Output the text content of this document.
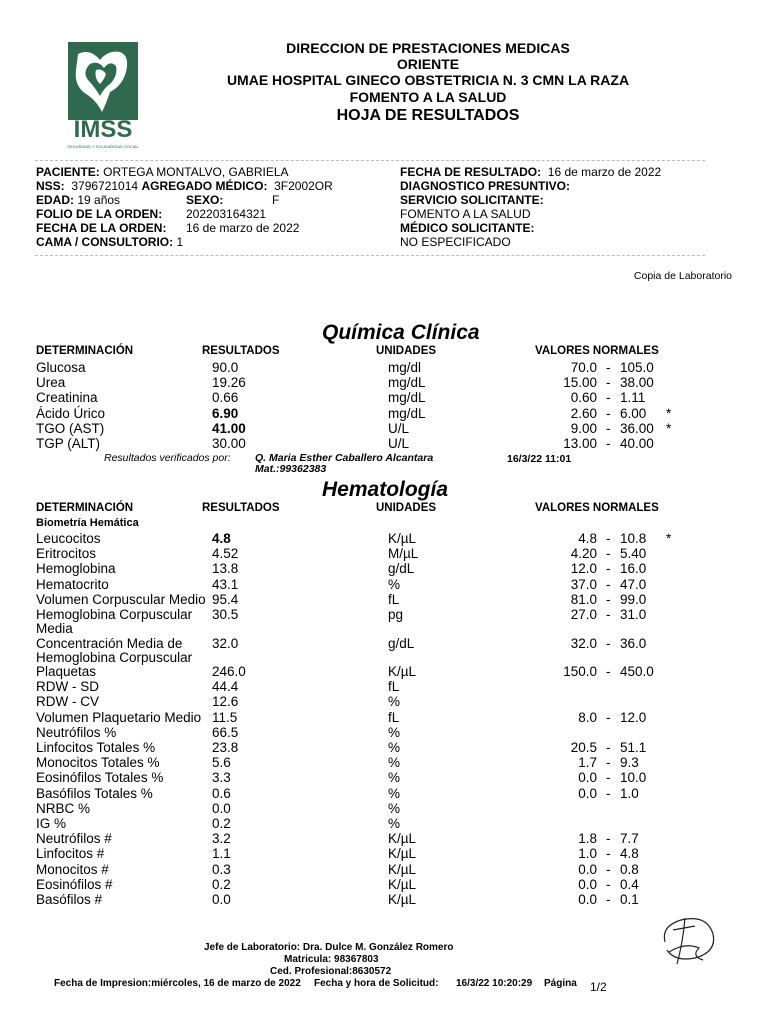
IMSS
SEGURIDAD Y SOLIDARIDAD SOCIAL
DIRECCION DE PRESTACIONES MEDICAS
ORIENTE
UMAE HOSPITAL GINECO OBSTETRICIA N. 3 CMN LA RAZA
FOMENTO A LA SALUD
HOJA DE RESULTADOS
PACIENTE: ORTEGA MONTALVO, GABRIELA
NSS: 3796721014 AGREGADO MÉDICO: 3F2002OR
EDAD: 19 años	SEXO:	F
FOLIO DE LA ORDEN: 202203164321
FECHA DE LA ORDEN: 16 de marzo de 2022
CAMA / CONSULTORIO: 1
FECHA DE RESULTADO: 16 de marzo de 2022
DIAGNOSTICO PRESUNTIVO:
SERVICIO SOLICITANTE:
FOMENTO A LA SALUD
MÉDICO SOLICITANTE:
NO ESPECIFICADO
Copia de Laboratorio
Química Clínica
DETERMINACIÓN	RESULTADOS	UNIDADES	VALORES NORMALES
Glucosa	90.0	mg/dl	70.0 - 105.0
Urea	19.26	mg/dL	15.00 - 38.00
Creatinina	0.66	mg/dL	0.60 - 1.11
Ácido Úrico	6.90	mg/dL	2.60 - 6.00 *
TGO (AST)	41.00	U/L	9.00 - 36.00 *
TGP (ALT)	30.00	U/L	13.00 - 40.00
Resultados verificados por: Q. Maria Esther Caballero Alcantara
Mat.:99362383
16/3/22 11:01
Hematología
DETERMINACIÓN	RESULTADOS	UNIDADES	VALORES NORMALES
Biometría Hemática
Leucocitos	4.8	K/µL	4.8 - 10.8 *
Eritrocitos	4.52	M/µL	4.20 - 5.40
Hemoglobina	13.8	g/dL	12.0 - 16.0
Hematocrito	43.1	%	37.0 - 47.0
Volumen Corpuscular Medio 95.4	fL	81.0 - 99.0
Hemoglobina Corpuscular
Media
30.5	pg	27.0 - 31.0
Concentración Media de
Hemoglobina Corpuscular
32.0	g/dL	32.0 - 36.0
Plaquetas	246.0	K/µL	150.0 - 450.0
RDW - SD	44.4	fL
RDW - CV	12.6	%
Volumen Plaquetario Medio 11.5	fL	8.0 - 12.0
Neutrófilos %	66.5	%
Linfocitos Totales %	23.8	%	20.5 - 51.1
Monocitos Totales %	5.6	%	1.7 - 9.3
Eosinófilos Totales %	3.3	%	0.0 - 10.0
Basófilos Totales %	0.6	%	0.0 - 1.0
NRBC %	0.0	%
IG %	0.2	%
Neutrófilos #	3.2	K/µL	1.8 - 7.7
Linfocitos #	1.1	K/µL	1.0 - 4.8
Monocitos #	0.3	K/µL	0.0 - 0.8
Eosinófilos #	0.2	K/µL	0.0 - 0.4
Basófilos #	0.0	K/µL	0.0 - 0.1
Jefe de Laboratorio: Dra. Dulce M. González Romero
Matricula: 98367803
Ced. Profesional:8630572
Fecha de Impresion:miércoles, 16 de marzo de 2022 Fecha y hora de Solicitud: 16/3/22 10:20:29 Página 1/2
